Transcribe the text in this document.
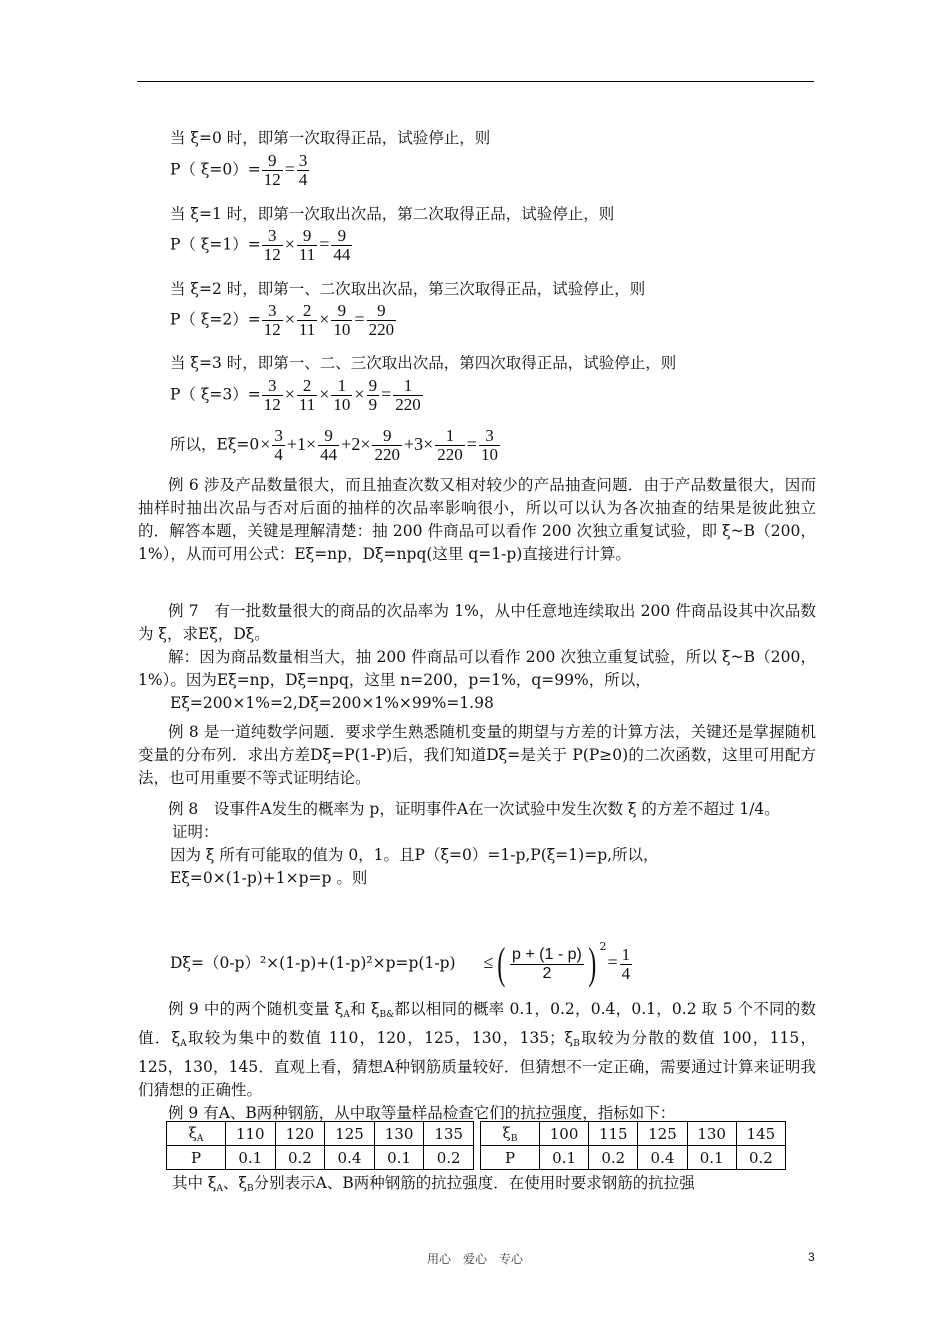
当 ξ=0 时，即第一次取得正品，试验停止，则
P（ $\xi=0)= \frac{9}{12} = \frac{3}{4}$
当 ξ=1 时，即第一次取出次品，第二次取得正品，试验停止，则
P（ $\xi=1)= \frac{3}{12} \times \frac{9}{11} = \frac{9}{44}$
当 ξ=2 时，即第一、二次取出次品，第三次取得正品，试验停止，则
P（ $\xi=2)= \frac{3}{12} \times \frac{2}{11} \times \frac{9}{10} = \frac{9}{220}$
当 ξ=3 时，即第一、二、三次取出次品，第四次取得正品，试验停止，则
P（ $\xi=3)= \frac{3}{12} \times \frac{2}{11} \times \frac{1}{10} \times \frac{9}{9} = \frac{1}{220}$
所以，$E\xi=0\times \frac{3}{4} +1\times \frac{9}{44} +2\times \frac{9}{220} +3\times \frac{1}{220} = \frac{3}{10}$

例 6 涉及产品数量很大，而且抽查次数又相对较少的产品抽查问题．由于产品数量很大，因而抽样时抽出次品与否对后面的抽样的次品率影响很小，所以可以认为各次抽查的结果是彼此独立的．解答本题，关键是理解清楚：抽 200 件商品可以看作 200 次独立重复试验，即 ξ~B（200，1%），从而可用公式：Eξ=np，Dξ=npq(这里 q=1-p)直接进行计算。

例 7　有一批数量很大的商品的次品率为 1%，从中任意地连续取出 200 件商品设其中次品数为 ξ，求Eξ，Dξ。

解：因为商品数量相当大，抽 200 件商品可以看作 200 次独立重复试验，所以 ξ~B（200，1%）。因为Eξ=np，Dξ=npq，这里 n=200，p=1%，q=99%，所以，

Eξ=200×1%=2,Dξ=200×1%×99%=1.98

例 8 是一道纯数学问题．要求学生熟悉随机变量的期望与方差的计算方法，关键还是掌握随机变量的分布列．求出方差Dξ=P(1-P)后，我们知道Dξ=是关于 P(P≥0)的二次函数，这里可用配方法，也可用重要不等式证明结论。

例 8　设事件A发生的概率为 p，证明事件A在一次试验中发生次数 ξ 的方差不超过 1/4。

证明：

因为 ξ 所有可能取的值为 0，1。且P（ξ=0）=1-p,P(ξ=1)=p,所以，

Eξ=0×(1-p)+1×p=p 。则

Dξ=（0-p）²×(1-p)+(1-p)²×p=p(1-p) ≤( $\frac{p + (1 - p)}{2}$ ) $^2= \frac{1}{4}$

例 9 中的两个随机变量 $\xi_A$和 $\xi_{B\&}$都以相同的概率 0.1，0.2，0.4，0.1，0.2 取 5 个不同的数值．$\xi_A$取较为集中的数值 110，120，125，130，135；$\xi_B$取较为分散的数值 100，115，125，130，145．直观上看，猜想A种钢筋质量较好．但猜想不一定正确，需要通过计算来证明我们猜想的正确性。

例 9 有A、B两种钢筋，从中取等量样品检查它们的抗拉强度，指标如下：

$\xi_A$	110	120	125	130	135
P	0.1	0.2	0.4	0.1	0.2
$\xi_B$	100	115	125	130	145
P	0.1	0.2	0.4	0.1	0.2

其中 $\xi_A$、$\xi_B$分别表示A、B两种钢筋的抗拉强度．在使用时要求钢筋的抗拉强

用心　爱心　专心	3
